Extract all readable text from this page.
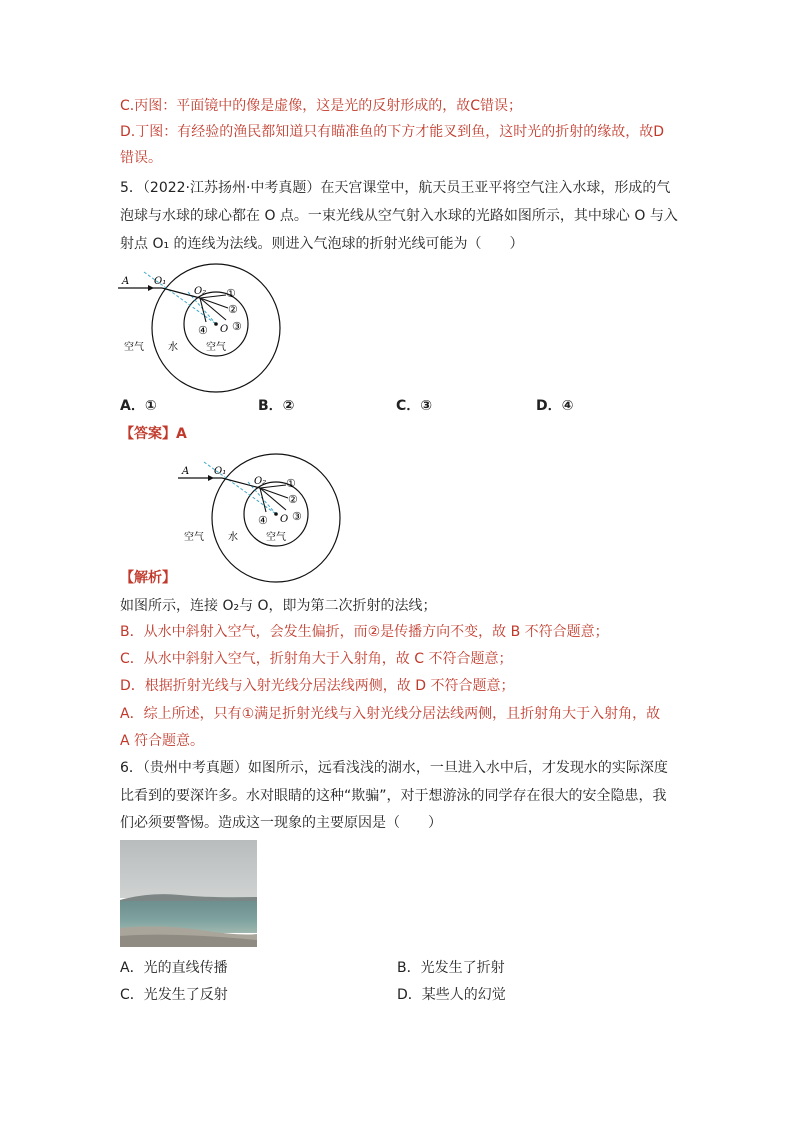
C.丙图：平面镜中的像是虚像，这是光的反射形成的，故C错误；
D.丁图：有经验的渔民都知道只有瞄准鱼的下方才能叉到鱼，这时光的折射的缘故，故D
错误。
5．（2022·江苏扬州·中考真题）在天宫课堂中，航天员王亚平将空气注入水球，形成的气
泡球与水球的球心都在 O 点。一束光线从空气射入水球的光路如图所示，其中球心 O 与入
射点 O₁ 的连线为法线。则进入气泡球的折射光线可能为（　　）
A O₁
O₂
O
①
②
③
④
空气 水	空气
A．①	B．②	C．③	D．④
【答案】A
A O₁
O₂
O
①
②
③
④
空气 水	空气
【解析】
如图所示，连接 O₂与 O，即为第二次折射的法线；
B．从水中斜射入空气，会发生偏折，而②是传播方向不变，故 B 不符合题意；
C．从水中斜射入空气，折射角大于入射角，故 C 不符合题意；
D．根据折射光线与入射光线分居法线两侧，故 D 不符合题意；
A．综上所述，只有①满足折射光线与入射光线分居法线两侧，且折射角大于入射角，故
A 符合题意。
6．（贵州中考真题）如图所示，远看浅浅的湖水，一旦进入水中后，才发现水的实际深度
比看到的要深许多。水对眼睛的这种“欺骗”，对于想游泳的同学存在很大的安全隐患，我
们必须要警惕。造成这一现象的主要原因是（　　）
A．光的直线传播	B．光发生了折射
C．光发生了反射	D．某些人的幻觉
